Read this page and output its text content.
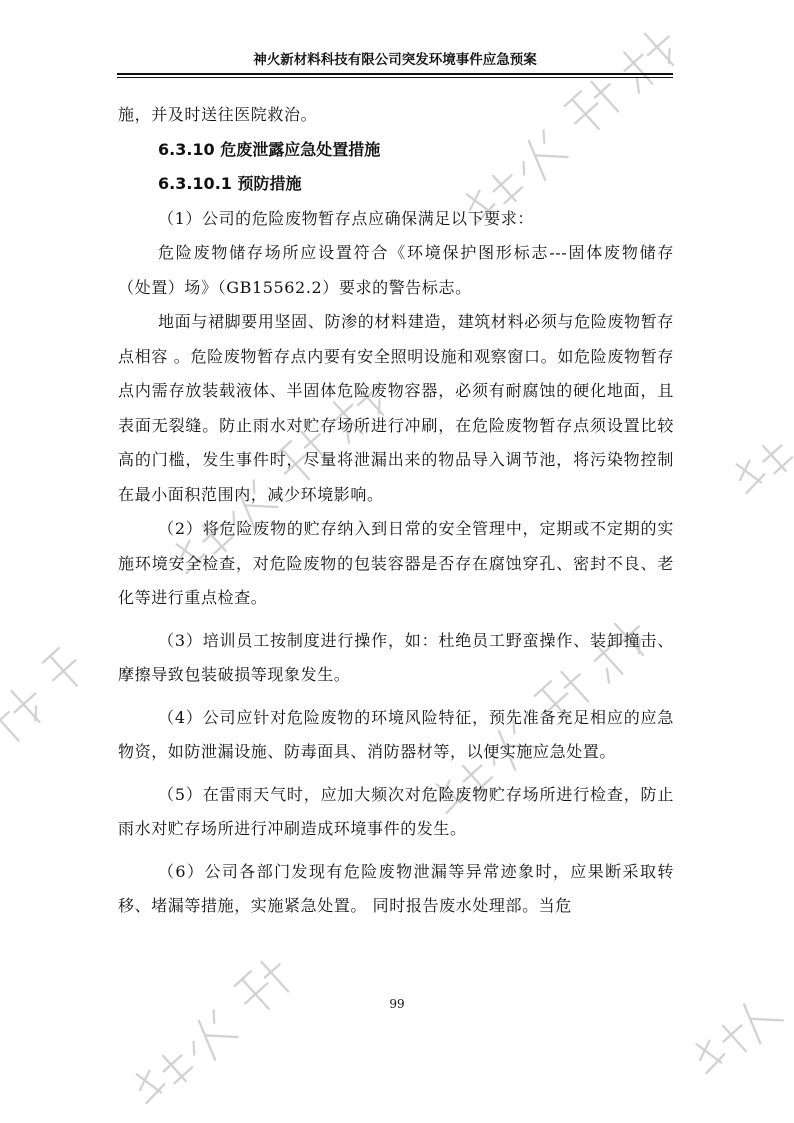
神火新材料科技有限公司突发环境事件应急预案

施，并及时送往医院救治。

6.3.10 危废泄露应急处置措施

6.3.10.1 预防措施

（1）公司的危险废物暂存点应确保满足以下要求：

危险废物储存场所应设置符合《环境保护图形标志---固体废物储存（处置）场》（GB15562.2）要求的警告标志。

地面与裙脚要用坚固、防渗的材料建造，建筑材料必须与危险废物暂存点相容 。危险废物暂存点内要有安全照明设施和观察窗口。如危险废物暂存点内需存放装载液体、半固体危险废物容器，必须有耐腐蚀的硬化地面，且表面无裂缝。防止雨水对贮存场所进行冲刷，在危险废物暂存点须设置比较高的门槛，发生事件时，尽量将泄漏出来的物品导入调节池，将污染物控制在最小面积范围内，减少环境影响。

（2）将危险废物的贮存纳入到日常的安全管理中，定期或不定期的实施环境安全检查，对危险废物的包装容器是否存在腐蚀穿孔、密封不良、老化等进行重点检查。

（3）培训员工按制度进行操作，如：杜绝员工野蛮操作、装卸撞击、摩擦导致包装破损等现象发生。

（4）公司应针对危险废物的环境风险特征，预先准备充足相应的应急物资，如防泄漏设施、防毒面具、消防器材等，以便实施应急处置。

（5）在雷雨天气时，应加大频次对危险废物贮存场所进行检查，防止雨水对贮存场所进行冲刷造成环境事件的发生。

（6）公司各部门发现有危险废物泄漏等异常迹象时，应果断采取转移、堵漏等措施，实施紧急处置。 同时报告废水处理部。当危

99
